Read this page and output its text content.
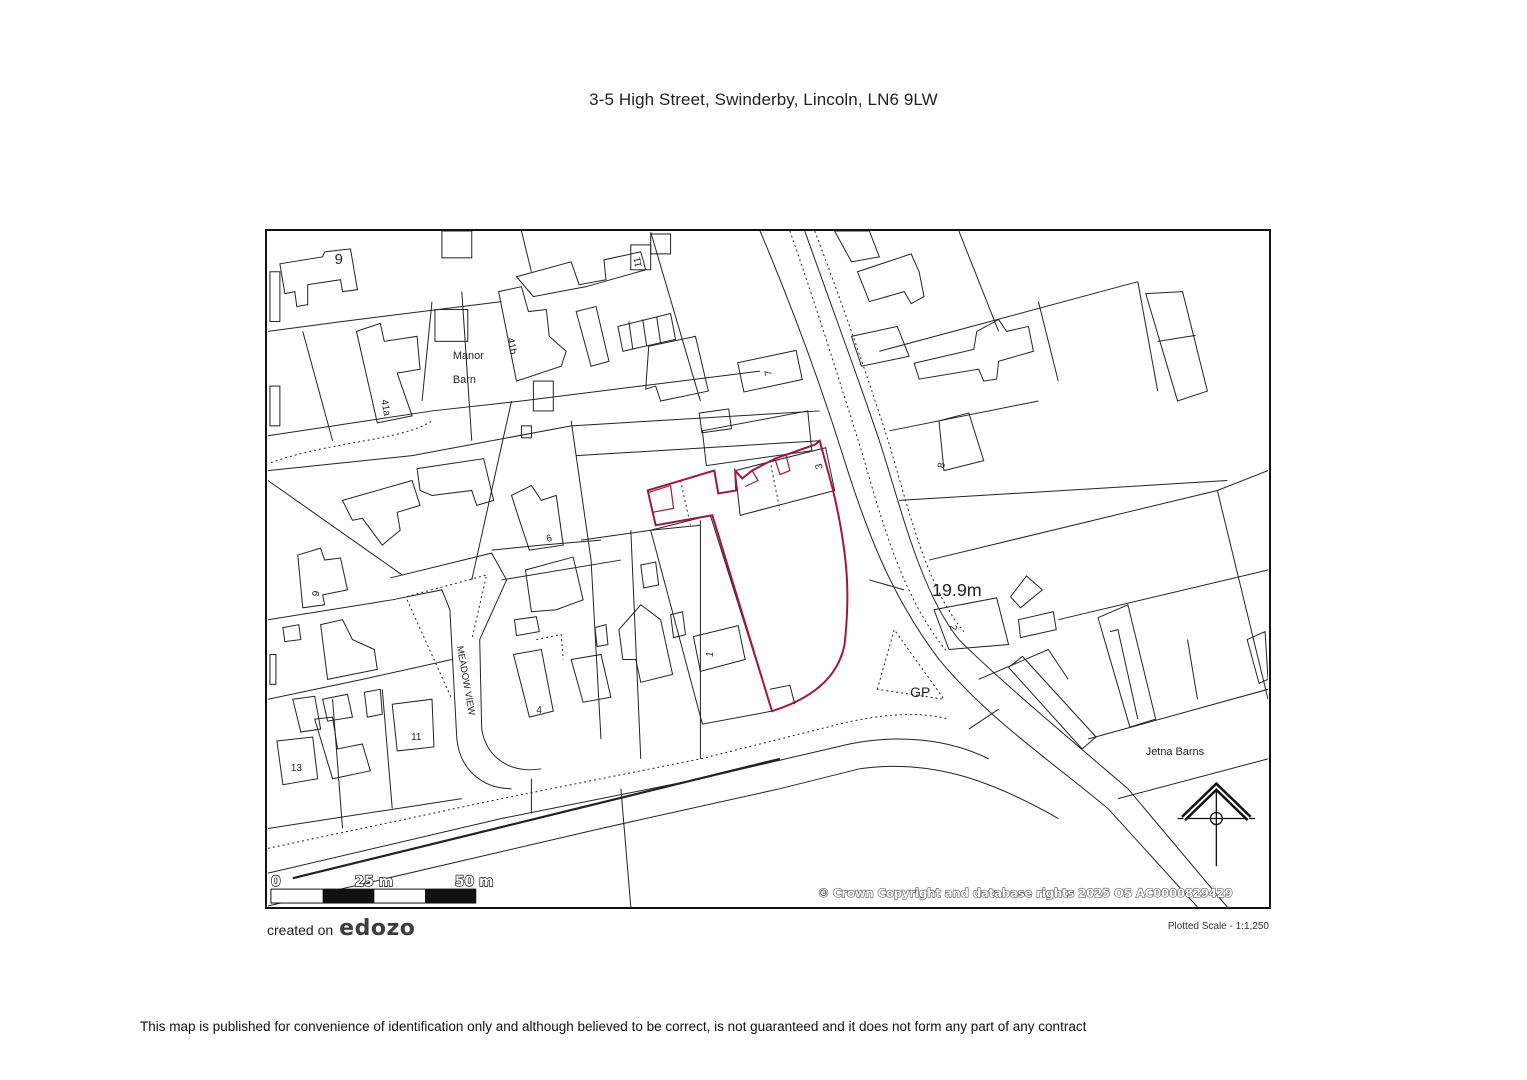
3-5 High Street, Swinderby, Lincoln, LN6 9LW
Manor
Barn
Jetna Barns
19.9m
GP
MEADOW VIEW
9
41b
41a
11
7
3	8
6
9
1
2
4
11
13
0	25 m	50 m
© Crown Copyright and database rights 2025 OS AC0000829429
created on edozo	Plotted Scale - 1:1,250
This map is published for convenience of identification only and although believed to be correct, is not guaranteed and it does not form any part of any contract
